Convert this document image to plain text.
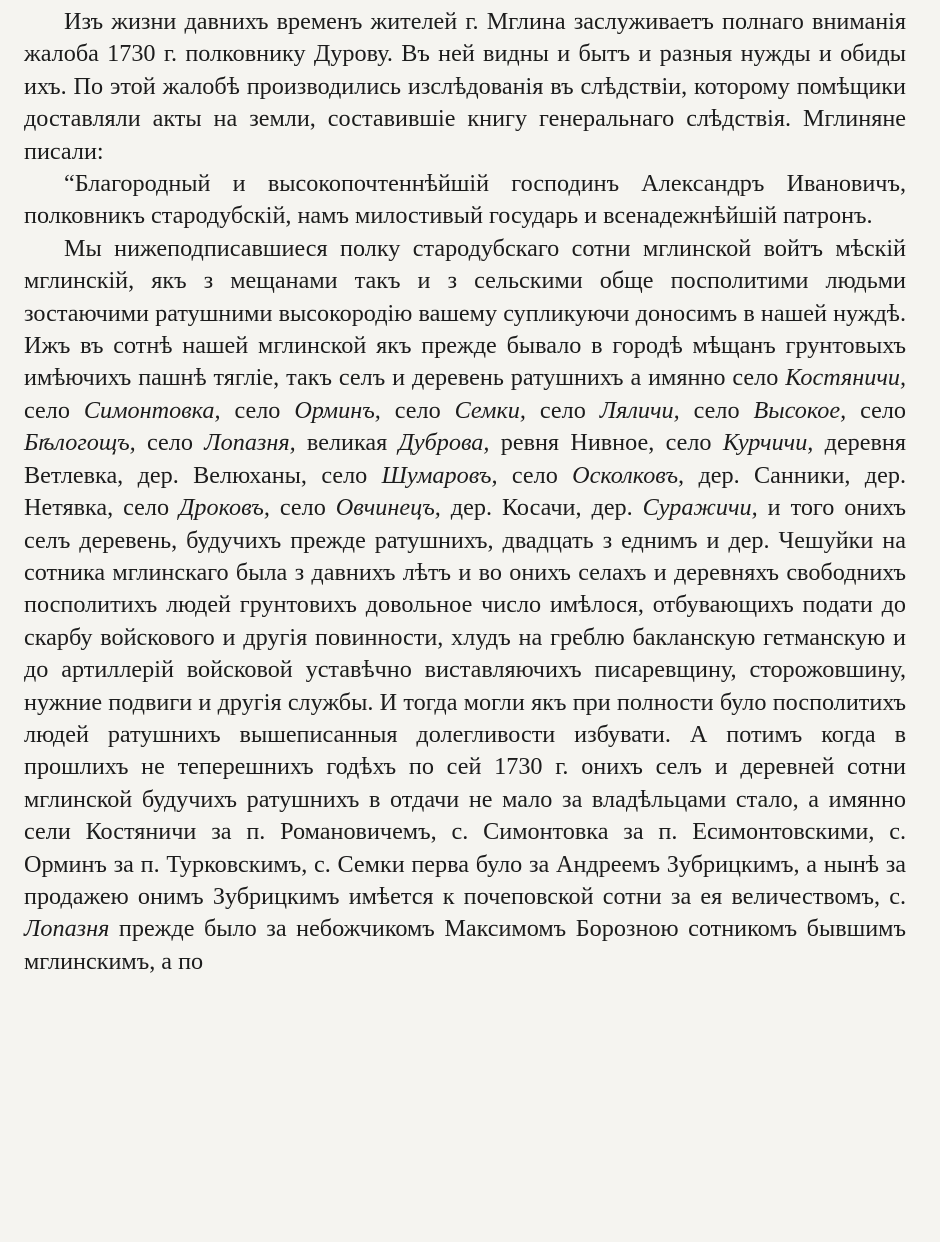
Изъ жизни давнихъ временъ жителей г. Мглина заслуживаетъ полнаго вниманія жалоба 1730 г. полковнику Дурову. Въ ней видны и бытъ и разныя нужды и обиды ихъ. По этой жалобѣ производились изслѣдованія въ слѣдствіи, которому помѣщики доставляли акты на земли, составившіе книгу генеральнаго слѣдствія. Мглиняне писали:

“Благородный и высокопочтеннѣйшій господинъ Александръ Ивановичъ, полковникъ стародубскій, намъ милостивый государь и всенадежнѣйшій патронъ.

Мы нижеподписавшиеся полку стародубскаго сотни мглинской войтъ мѣскій мглинскій, якъ з мещанами такъ и з сельскими обще посполитими людьми зостаючими ратушними высокородію вашему супликуючи доносимъ в нашей нуждѣ. Ижъ въ сотнѣ нашей мглинской якъ прежде бывало в городѣ мѣщанъ грунтовыхъ имѣючихъ пашнѣ тягліе, такъ селъ и деревень ратушнихъ а имянно село Костяничи, село Симонтовка, село Орминъ, село Семки, село Ляличи, село Высокое, село Бѣлогощъ, село Лопазня, великая Дуброва, ревня Нивное, село Курчичи, деревня Ветлевка, дер. Велюханы, село Шумаровъ, село Осколковъ, дер. Санники, дер. Нетявка, село Дроковъ, село Овчинецъ, дер. Косачи, дер. Суражичи, и того онихъ селъ деревень, будучихъ прежде ратушнихъ, двадцать з еднимъ и дер. Чешуйки на сотника мглинскаго была з давнихъ лѣтъ и во онихъ селахъ и деревняхъ свободнихъ посполитихъ людей грунтовихъ довольное число имѣлося, отбувающихъ подати до скарбу войскового и другія повинности, хлудъ на греблю бакланскую гетманскую и до артиллерій войсковой уставѣчно виставляючихъ писаревщину, сторожовшину, нужние подвиги и другія службы. И тогда могли якъ при полности було посполитихъ людей ратушнихъ вышеписанныя долегливости избувати. А потимъ когда в прошлихъ не теперешнихъ годѣхъ по сей 1730 г. онихъ селъ и деревней сотни мглинской будучихъ ратушнихъ в отдачи не мало за владѣльцами стало, а имянно сели Костяничи за п. Романовичемъ, с. Симонтовка за п. Есимонтовскими, с. Орминъ за п. Турковскимъ, с. Семки перва було за Андреемъ Зубрицкимъ, а нынѣ за продажею онимъ Зубрицкимъ имѣется к почеповской сотни за ея величествомъ, с. Лопазня прежде было за небожчикомъ Максимомъ Борозною сотникомъ бывшимъ мглинскимъ, а по
